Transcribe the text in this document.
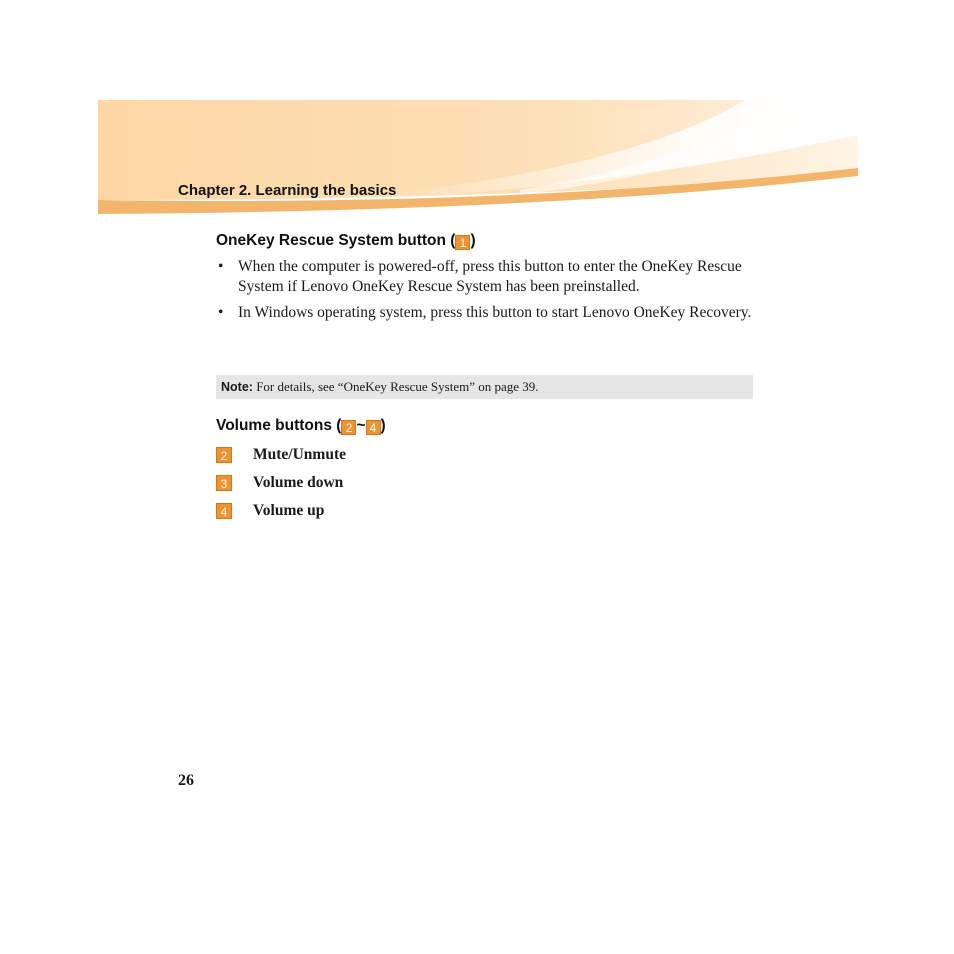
Chapter 2. Learning the basics
OneKey Rescue System button ( 1 )
• When the computer is powered-off, press this button to enter the OneKey Rescue System if Lenovo OneKey Rescue System has been preinstalled.
• In Windows operating system, press this button to start Lenovo OneKey Recovery.
Note: For details, see “OneKey Rescue System” on page 39.
Volume buttons ( 2 ~ 4 )
2	Mute/Unmute
3	Volume down
4	Volume up
26
